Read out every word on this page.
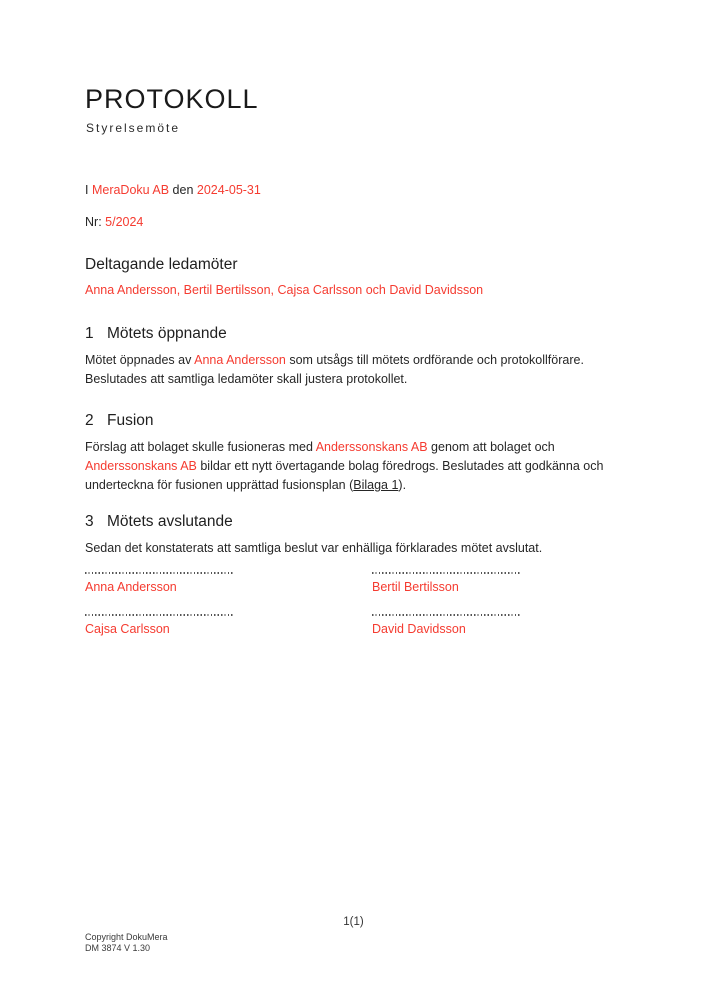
PROTOKOLL
Styrelsemöte
I MeraDoku AB den 2024-05-31
Nr: 5/2024
Deltagande ledamöter
Anna Andersson, Bertil Bertilsson, Cajsa Carlsson och David Davidsson
1 Mötets öppnande
Mötet öppnades av Anna Andersson som utsågs till mötets ordförande och protokollförare.
Beslutades att samtliga ledamöter skall justera protokollet.
2 Fusion
Förslag att bolaget skulle fusioneras med Anderssonskans AB genom att bolaget och
Anderssonskans AB bildar ett nytt övertagande bolag föredrogs. Beslutades att godkänna och
underteckna för fusionen upprättad fusionsplan (Bilaga 1).
3 Mötets avslutande
Sedan det konstaterats att samtliga beslut var enhälliga förklarades mötet avslutat.
Anna Andersson	Bertil Bertilsson
Cajsa Carlsson	David Davidsson
1(1)
Copyright DokuMera
DM 3874 V 1.30
